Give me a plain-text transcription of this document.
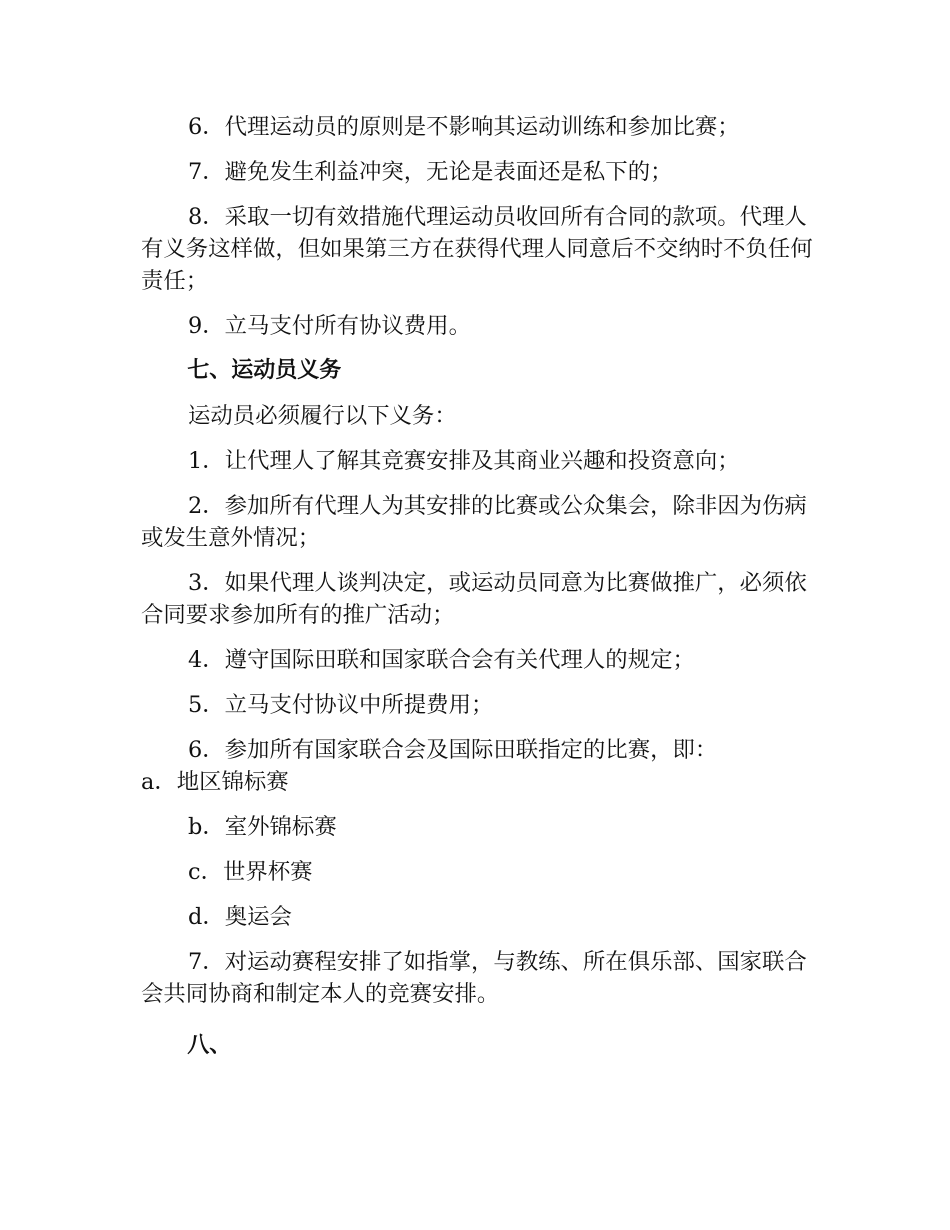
6．代理运动员的原则是不影响其运动训练和参加比赛；

7．避免发生利益冲突，无论是表面还是私下的；

8．采取一切有效措施代理运动员收回所有合同的款项。代理人有义务这样做，但如果第三方在获得代理人同意后不交纳时不负任何责任；

9．立马支付所有协议费用。

七、运动员义务

运动员必须履行以下义务：

1．让代理人了解其竞赛安排及其商业兴趣和投资意向；

2．参加所有代理人为其安排的比赛或公众集会，除非因为伤病或发生意外情况；

3．如果代理人谈判决定，或运动员同意为比赛做推广，必须依合同要求参加所有的推广活动；

4．遵守国际田联和国家联合会有关代理人的规定；

5．立马支付协议中所提费用；

6．参加所有国家联合会及国际田联指定的比赛，即：

a．地区锦标赛

b．室外锦标赛

c．世界杯赛

d．奥运会

7．对运动赛程安排了如指掌，与教练、所在俱乐部、国家联合会共同协商和制定本人的竞赛安排。

八、
